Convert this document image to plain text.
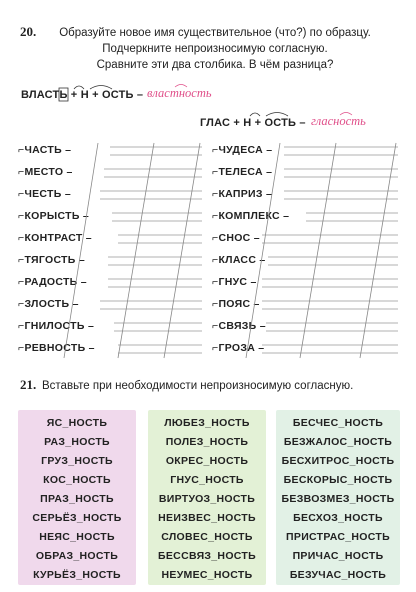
20.	Образуйте новое имя существительное (что?) по образцу.
Подчеркните непроизносимую согласную.
Сравните эти два столбика. В чём разница?
ВЛАСТЬ + Н + ОСТЬ – властность
ГЛАС + Н + ОСТЬ – гласность
⌐ЧАСТЬ –
⌐МЕСТО –
⌐ЧЕСТЬ –
⌐КОРЫСТЬ –
⌐КОНТРАСТ –
⌐ТЯГОСТЬ –
⌐РАДОСТЬ –
⌐ЗЛОСТЬ –
⌐ГНИЛОСТЬ –
⌐РЕВНОСТЬ –
⌐ЧУДЕСА –
⌐ТЕЛЕСА –
⌐КАПРИЗ –
⌐КОМПЛЕКС –
⌐СНОС –
⌐КЛАСС –
⌐ГНУС –
⌐ПОЯС –
⌐СВЯЗЬ –
⌐ГРОЗА –
21. Вставьте при необходимости непроизносимую согласную.
ЯС_НОСТЬ
РАЗ_НОСТЬ
ГРУЗ_НОСТЬ
КОС_НОСТЬ
ПРАЗ_НОСТЬ
СЕРЬЁЗ_НОСТЬ
НЕЯС_НОСТЬ
ОБРАЗ_НОСТЬ
КУРЬЁЗ_НОСТЬ
ЛЮБЕЗ_НОСТЬ
ПОЛЕЗ_НОСТЬ
ОКРЕС_НОСТЬ
ГНУС_НОСТЬ
ВИРТУОЗ_НОСТЬ
НЕИЗВЕС_НОСТЬ
СЛОВЕС_НОСТЬ
БЕССВЯЗ_НОСТЬ
НЕУМЕС_НОСТЬ
БЕСЧЕС_НОСТЬ
БЕЗЖАЛОС_НОСТЬ
БЕСХИТРОС_НОСТЬ
БЕСКОРЫС_НОСТЬ
БЕЗВОЗМЕЗ_НОСТЬ
БЕСХОЗ_НОСТЬ
ПРИСТРАС_НОСТЬ
ПРИЧАС_НОСТЬ
БЕЗУЧАС_НОСТЬ
